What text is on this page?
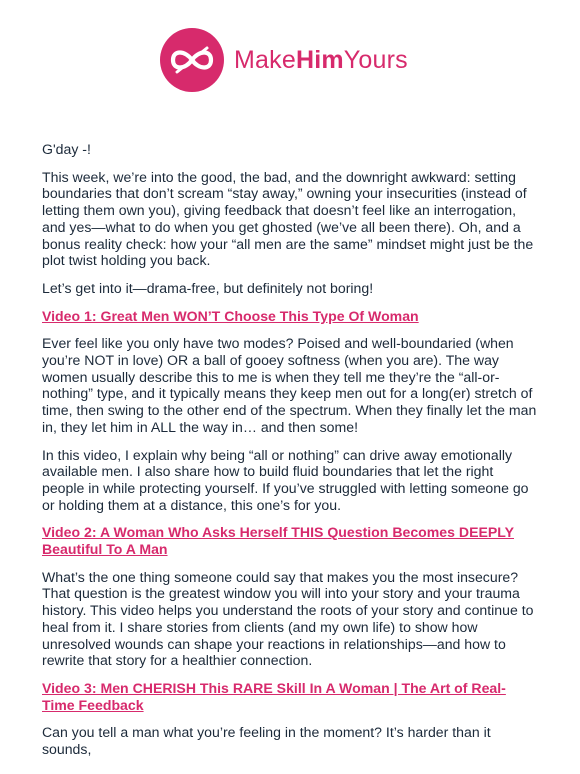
MakeHimYours

G'day -!

This week, we’re into the good, the bad, and the downright awkward: setting boundaries that don’t scream “stay away,” owning your insecurities (instead of letting them own you), giving feedback that doesn’t feel like an interrogation, and yes—what to do when you get ghosted (we’ve all been there). Oh, and a bonus reality check: how your “all men are the same” mindset might just be the plot twist holding you back.

Let’s get into it—drama-free, but definitely not boring!

Video 1: Great Men WON’T Choose This Type Of Woman

Ever feel like you only have two modes? Poised and well-boundaried (when you’re NOT in love) OR a ball of gooey softness (when you are). The way women usually describe this to me is when they tell me they’re the “all-or-nothing” type, and it typically means they keep men out for a long(er) stretch of time, then swing to the other end of the spectrum. When they finally let the man in, they let him in ALL the way in… and then some!

In this video, I explain why being “all or nothing” can drive away emotionally available men. I also share how to build fluid boundaries that let the right people in while protecting yourself. If you’ve struggled with letting someone go or holding them at a distance, this one’s for you.

Video 2: A Woman Who Asks Herself THIS Question Becomes DEEPLY Beautiful To A Man

What’s the one thing someone could say that makes you the most insecure? That question is the greatest window you will into your story and your trauma history. This video helps you understand the roots of your story and continue to heal from it. I share stories from clients (and my own life) to show how unresolved wounds can shape your reactions in relationships—and how to rewrite that story for a healthier connection.

Video 3: Men CHERISH This RARE Skill In A Woman | The Art of Real-Time Feedback

Can you tell a man what you’re feeling in the moment? It’s harder than it sounds,
